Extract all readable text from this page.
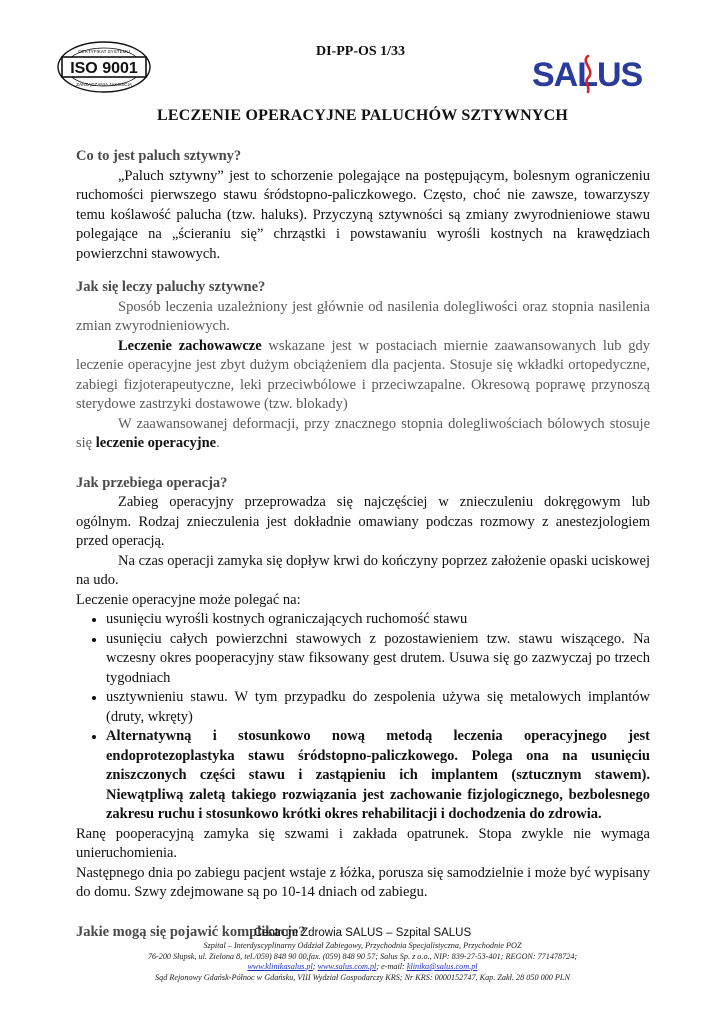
ISO 9001
CERTYFIKAT SYSTEMU
ZARZĄDZANIA JAKOŚCIĄ
DI-PP-OS 1/33
SALUS
LECZENIE OPERACYJNE PALUCHÓW SZTYWNYCH
Co to jest paluch sztywny?

„Paluch sztywny” jest to schorzenie polegające na postępującym, bolesnym ograniczeniu ruchomości pierwszego stawu śródstopno-paliczkowego. Często, choć nie zawsze, towarzyszy temu koślawość palucha (tzw. haluks). Przyczyną sztywności są zmiany zwyrodnieniowe stawu polegające na „ścieraniu się” chrząstki i powstawaniu wyrośli kostnych na krawędziach powierzchni stawowych.

Jak się leczy paluchy sztywne?

Sposób leczenia uzależniony jest głównie od nasilenia dolegliwości oraz stopnia nasilenia zmian zwyrodnieniowych.

Leczenie zachowawcze wskazane jest w postaciach miernie zaawansowanych lub gdy leczenie operacyjne jest zbyt dużym obciążeniem dla pacjenta. Stosuje się wkładki ortopedyczne, zabiegi fizjoterapeutyczne, leki przeciwbólowe i przeciwzapalne. Okresową poprawę przynoszą sterydowe zastrzyki dostawowe (tzw. blokady)

W zaawansowanej deformacji, przy znacznego stopnia dolegliwościach bólowych stosuje się leczenie operacyjne.

Jak przebiega operacja?

Zabieg operacyjny przeprowadza się najczęściej w znieczuleniu dokręgowym lub ogólnym. Rodzaj znieczulenia jest dokładnie omawiany podczas rozmowy z anestezjologiem przed operacją.

Na czas operacji zamyka się dopływ krwi do kończyny poprzez założenie opaski uciskowej na udo.

Leczenie operacyjne może polegać na:

• usunięciu wyrośli kostnych ograniczających ruchomość stawu
• usunięciu całych powierzchni stawowych z pozostawieniem tzw. stawu wiszącego. Na wczesny okres pooperacyjny staw fiksowany gest drutem. Usuwa się go zazwyczaj po trzech tygodniach
• usztywnieniu stawu. W tym przypadku do zespolenia używa się metalowych implantów (druty, wkręty)
• Alternatywną i stosunkowo nową metodą leczenia operacyjnego jest endoprotezoplastyka stawu śródstopno-paliczkowego. Polega ona na usunięciu zniszczonych części stawu i zastąpieniu ich implantem (sztucznym stawem). Niewątpliwą zaletą takiego rozwiązania jest zachowanie fizjologicznego, bezbolesnego zakresu ruchu i stosunkowo krótki okres rehabilitacji i dochodzenia do zdrowia.

Ranę pooperacyjną zamyka się szwami i zakłada opatrunek. Stopa zwykle nie wymaga unieruchomienia.

Następnego dnia po zabiegu pacjent wstaje z łóżka, porusza się samodzielnie i może być wypisany do domu. Szwy zdejmowane są po 10-14 dniach od zabiegu.

Jakie mogą się pojawić komplikacje?
Centrum Zdrowia SALUS – Szpital SALUS
Szpital – Interdyscyplinarny Oddział Zabiegowy, Przychodnia Specjalistyczna, Przychodnie POZ
76-200 Słupsk, ul. Zielona 8, tel./059) 848 90 00,fax. (059) 848 90 57; Salus Sp. z o.o., NIP: 839-27-53-401; REGON: 771478724;
www.klinikasalus.pl; www.salus.com.pl; e-mail: klinika@salus.com.pl
Sąd Rejonowy Gdańsk-Północ w Gdańsku, VIII Wydział Gospodarczy KRS; Nr KRS: 0000152747, Kap. Zakł. 28 050 000 PLN
